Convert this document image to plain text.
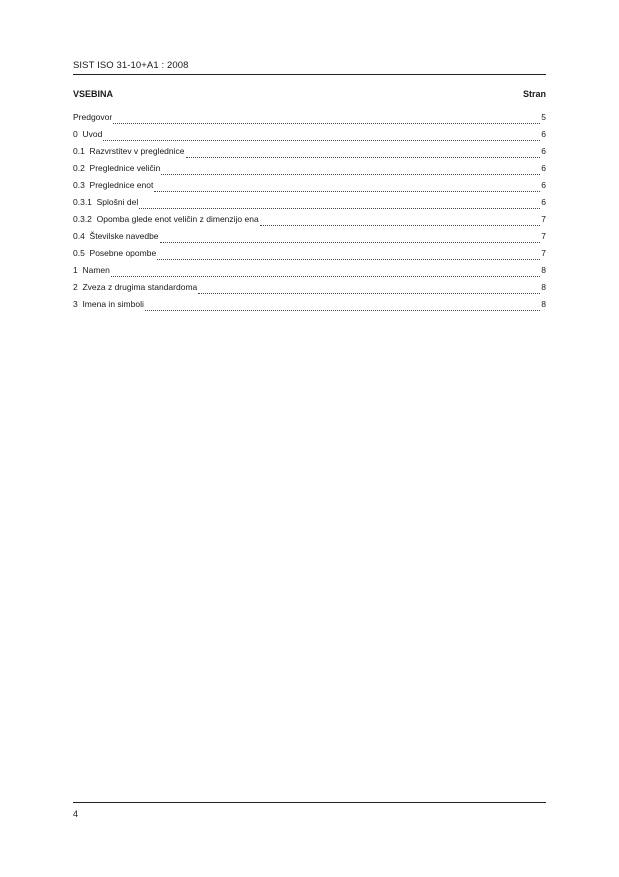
SIST ISO 31-10+A1 : 2008
VSEBINA	Stran
Predgovor	5
0  Uvod	6
0.1  Razvrstitev v preglednice	6
0.2  Preglednice veličin	6
0.3  Preglednice enot	6
0.3.1  Splošni del	6
0.3.2  Opomba glede enot veličin z dimenzijo ena	7
0.4  Številske navedbe	7
0.5  Posebne opombe	7
1  Namen	8
2  Zveza z drugima standardoma	8
3  Imena in simboli	8
4
